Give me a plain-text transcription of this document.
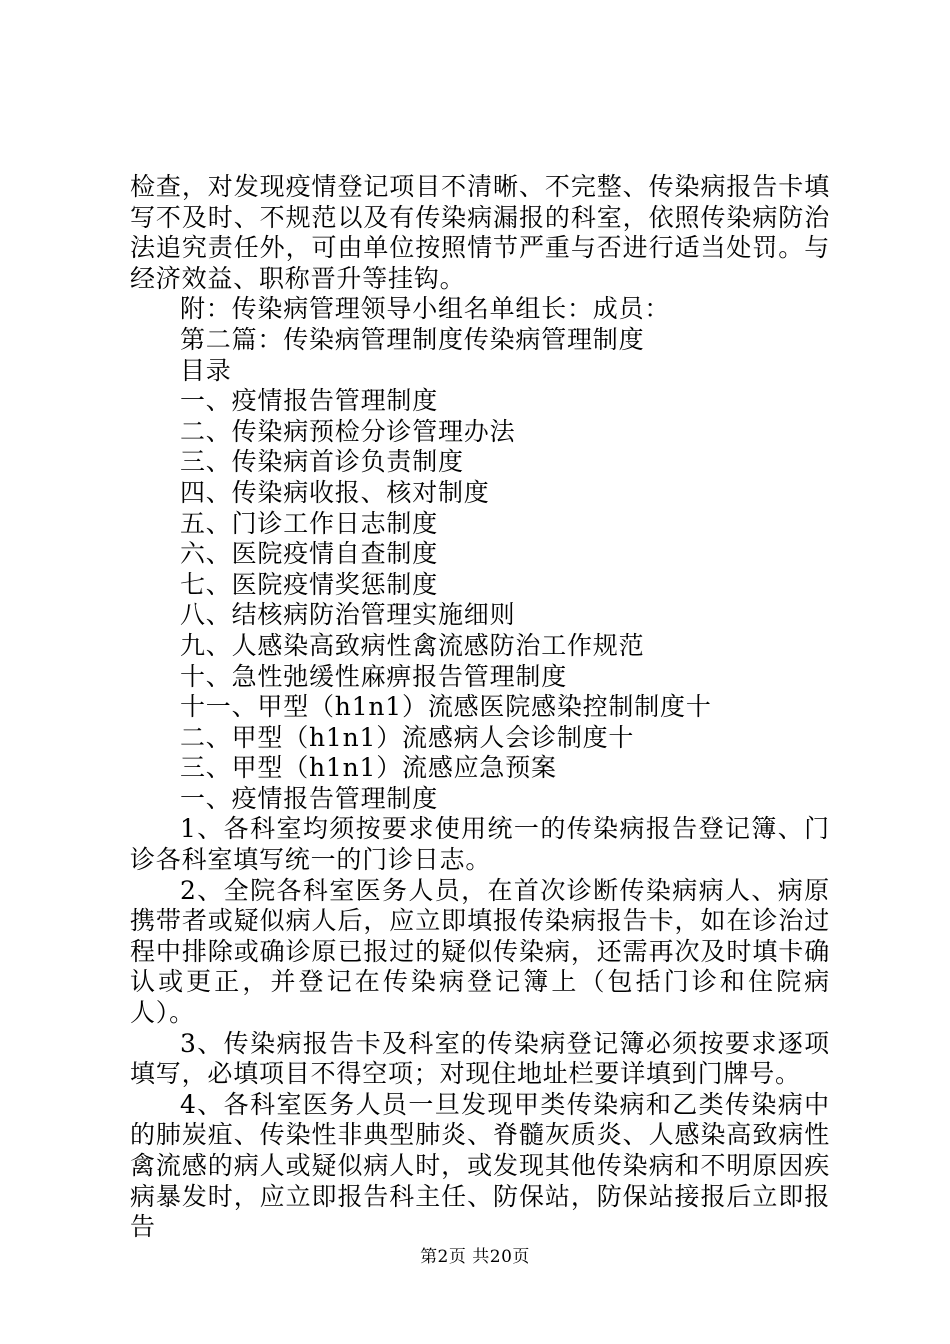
检查，对发现疫情登记项目不清晰、不完整、传染病报告卡填写不及时、不规范以及有传染病漏报的科室，依照传染病防治法追究责任外，可由单位按照情节严重与否进行适当处罚。与经济效益、职称晋升等挂钩。

附：传染病管理领导小组名单组长：成员：

第二篇：传染病管理制度传染病管理制度

目录

一、疫情报告管理制度

二、传染病预检分诊管理办法

三、传染病首诊负责制度

四、传染病收报、核对制度

五、门诊工作日志制度

六、医院疫情自查制度

七、医院疫情奖惩制度

八、结核病防治管理实施细则

九、人感染高致病性禽流感防治工作规范

十、急性弛缓性麻痹报告管理制度

十一、甲型（h1n1）流感医院感染控制制度十

二、甲型（h1n1）流感病人会诊制度十

三、甲型（h1n1）流感应急预案

一、疫情报告管理制度

1、各科室均须按要求使用统一的传染病报告登记簿、门诊各科室填写统一的门诊日志。

2、全院各科室医务人员，在首次诊断传染病病人、病原携带者或疑似病人后，应立即填报传染病报告卡，如在诊治过程中排除或确诊原已报过的疑似传染病，还需再次及时填卡确认或更正，并登记在传染病登记簿上（包括门诊和住院病人）。

3、传染病报告卡及科室的传染病登记簿必须按要求逐项填写，必填项目不得空项；对现住地址栏要详填到门牌号。

4、各科室医务人员一旦发现甲类传染病和乙类传染病中的肺炭疽、传染性非典型肺炎、脊髓灰质炎、人感染高致病性禽流感的病人或疑似病人时，或发现其他传染病和不明原因疾病暴发时，应立即报告科主任、防保站，防保站接报后立即报告

第2页 共20页
